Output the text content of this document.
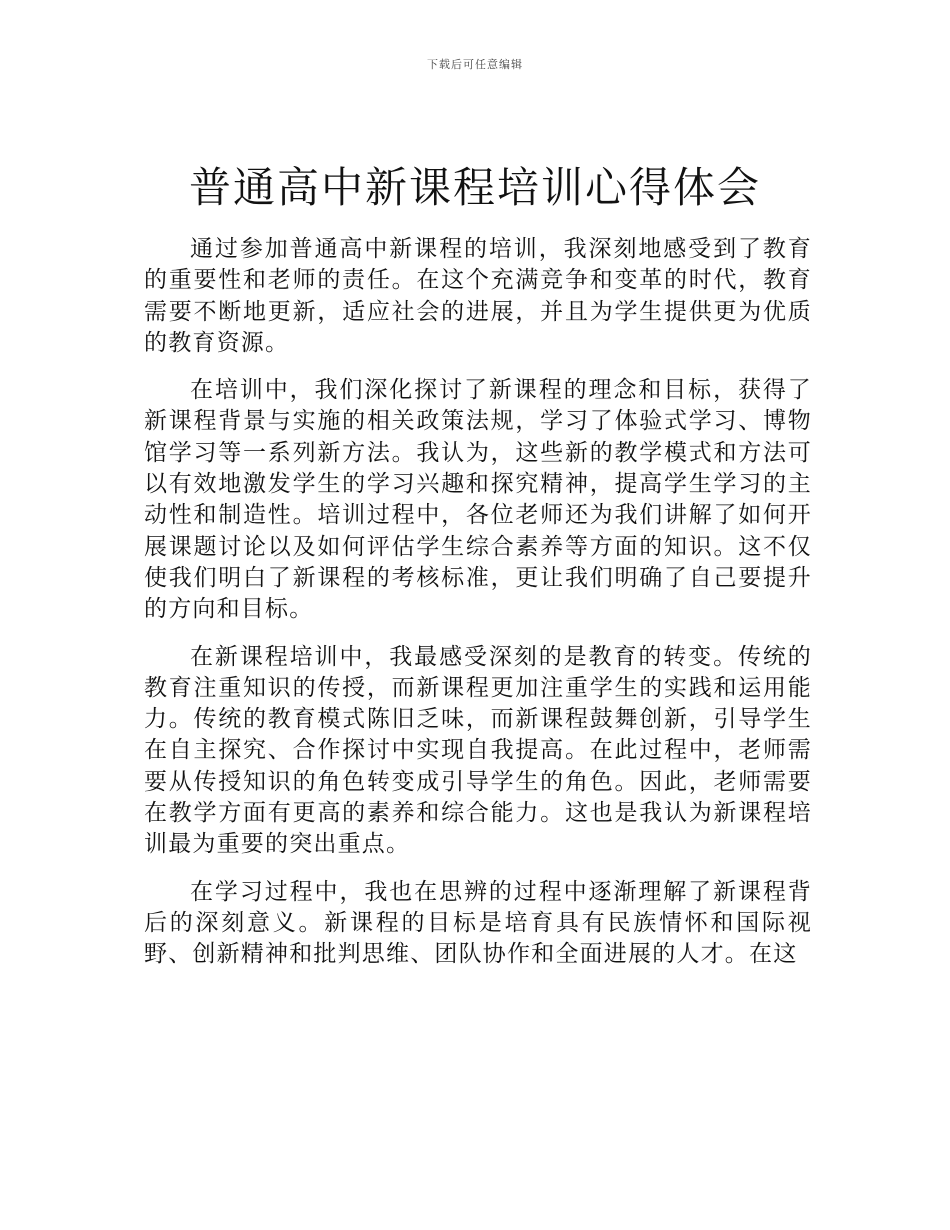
下载后可任意编辑
普通高中新课程培训心得体会

通过参加普通高中新课程的培训，我深刻地感受到了教育的重要性和老师的责任。在这个充满竞争和变革的时代，教育需要不断地更新，适应社会的进展，并且为学生提供更为优质的教育资源。

在培训中，我们深化探讨了新课程的理念和目标，获得了新课程背景与实施的相关政策法规，学习了体验式学习、博物馆学习等一系列新方法。我认为，这些新的教学模式和方法可以有效地激发学生的学习兴趣和探究精神，提高学生学习的主动性和制造性。培训过程中，各位老师还为我们讲解了如何开展课题讨论以及如何评估学生综合素养等方面的知识。这不仅使我们明白了新课程的考核标准，更让我们明确了自己要提升的方向和目标。

在新课程培训中，我最感受深刻的是教育的转变。传统的教育注重知识的传授，而新课程更加注重学生的实践和运用能力。传统的教育模式陈旧乏味，而新课程鼓舞创新，引导学生在自主探究、合作探讨中实现自我提高。在此过程中，老师需要从传授知识的角色转变成引导学生的角色。因此，老师需要在教学方面有更高的素养和综合能力。这也是我认为新课程培训最为重要的突出重点。

在学习过程中，我也在思辨的过程中逐渐理解了新课程背后的深刻意义。新课程的目标是培育具有民族情怀和国际视野、创新精神和批判思维、团队协作和全面进展的人才。在这
